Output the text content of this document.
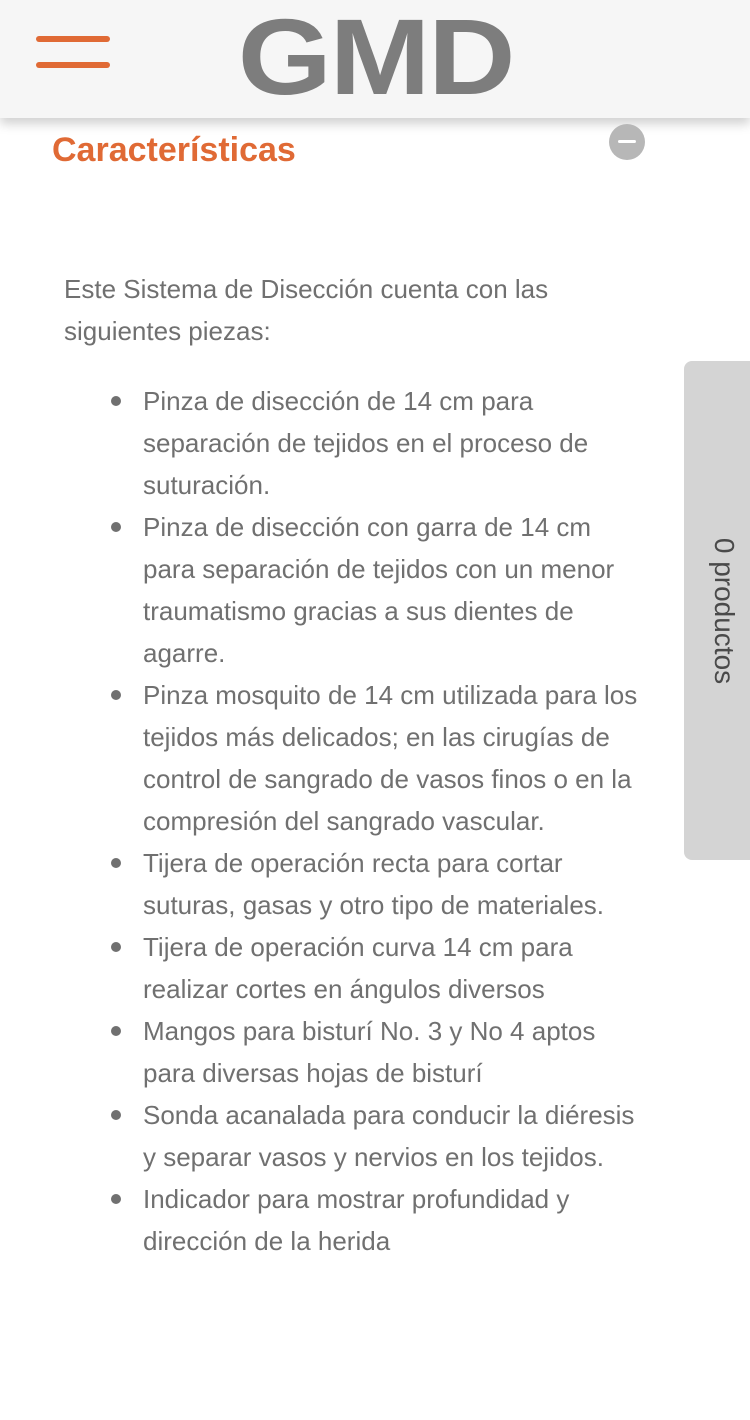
GMD
Características

Este Sistema de Disección cuenta con las siguientes piezas:

Pinza de disección de 14 cm para separación de tejidos en el proceso de suturación.
Pinza de disección con garra de 14 cm para separación de tejidos con un menor traumatismo gracias a sus dientes de agarre.
Pinza mosquito de 14 cm utilizada para los tejidos más delicados; en las cirugías de control de sangrado de vasos finos o en la compresión del sangrado vascular.
Tijera de operación recta para cortar suturas, gasas y otro tipo de materiales.
Tijera de operación curva 14 cm para realizar cortes en ángulos diversos
Mangos para bisturí No. 3 y No 4 aptos para diversas hojas de bisturí
Sonda acanalada para conducir la diéresis y separar vasos y nervios en los tejidos.
Indicador para mostrar profundidad y dirección de la herida
0 productos
